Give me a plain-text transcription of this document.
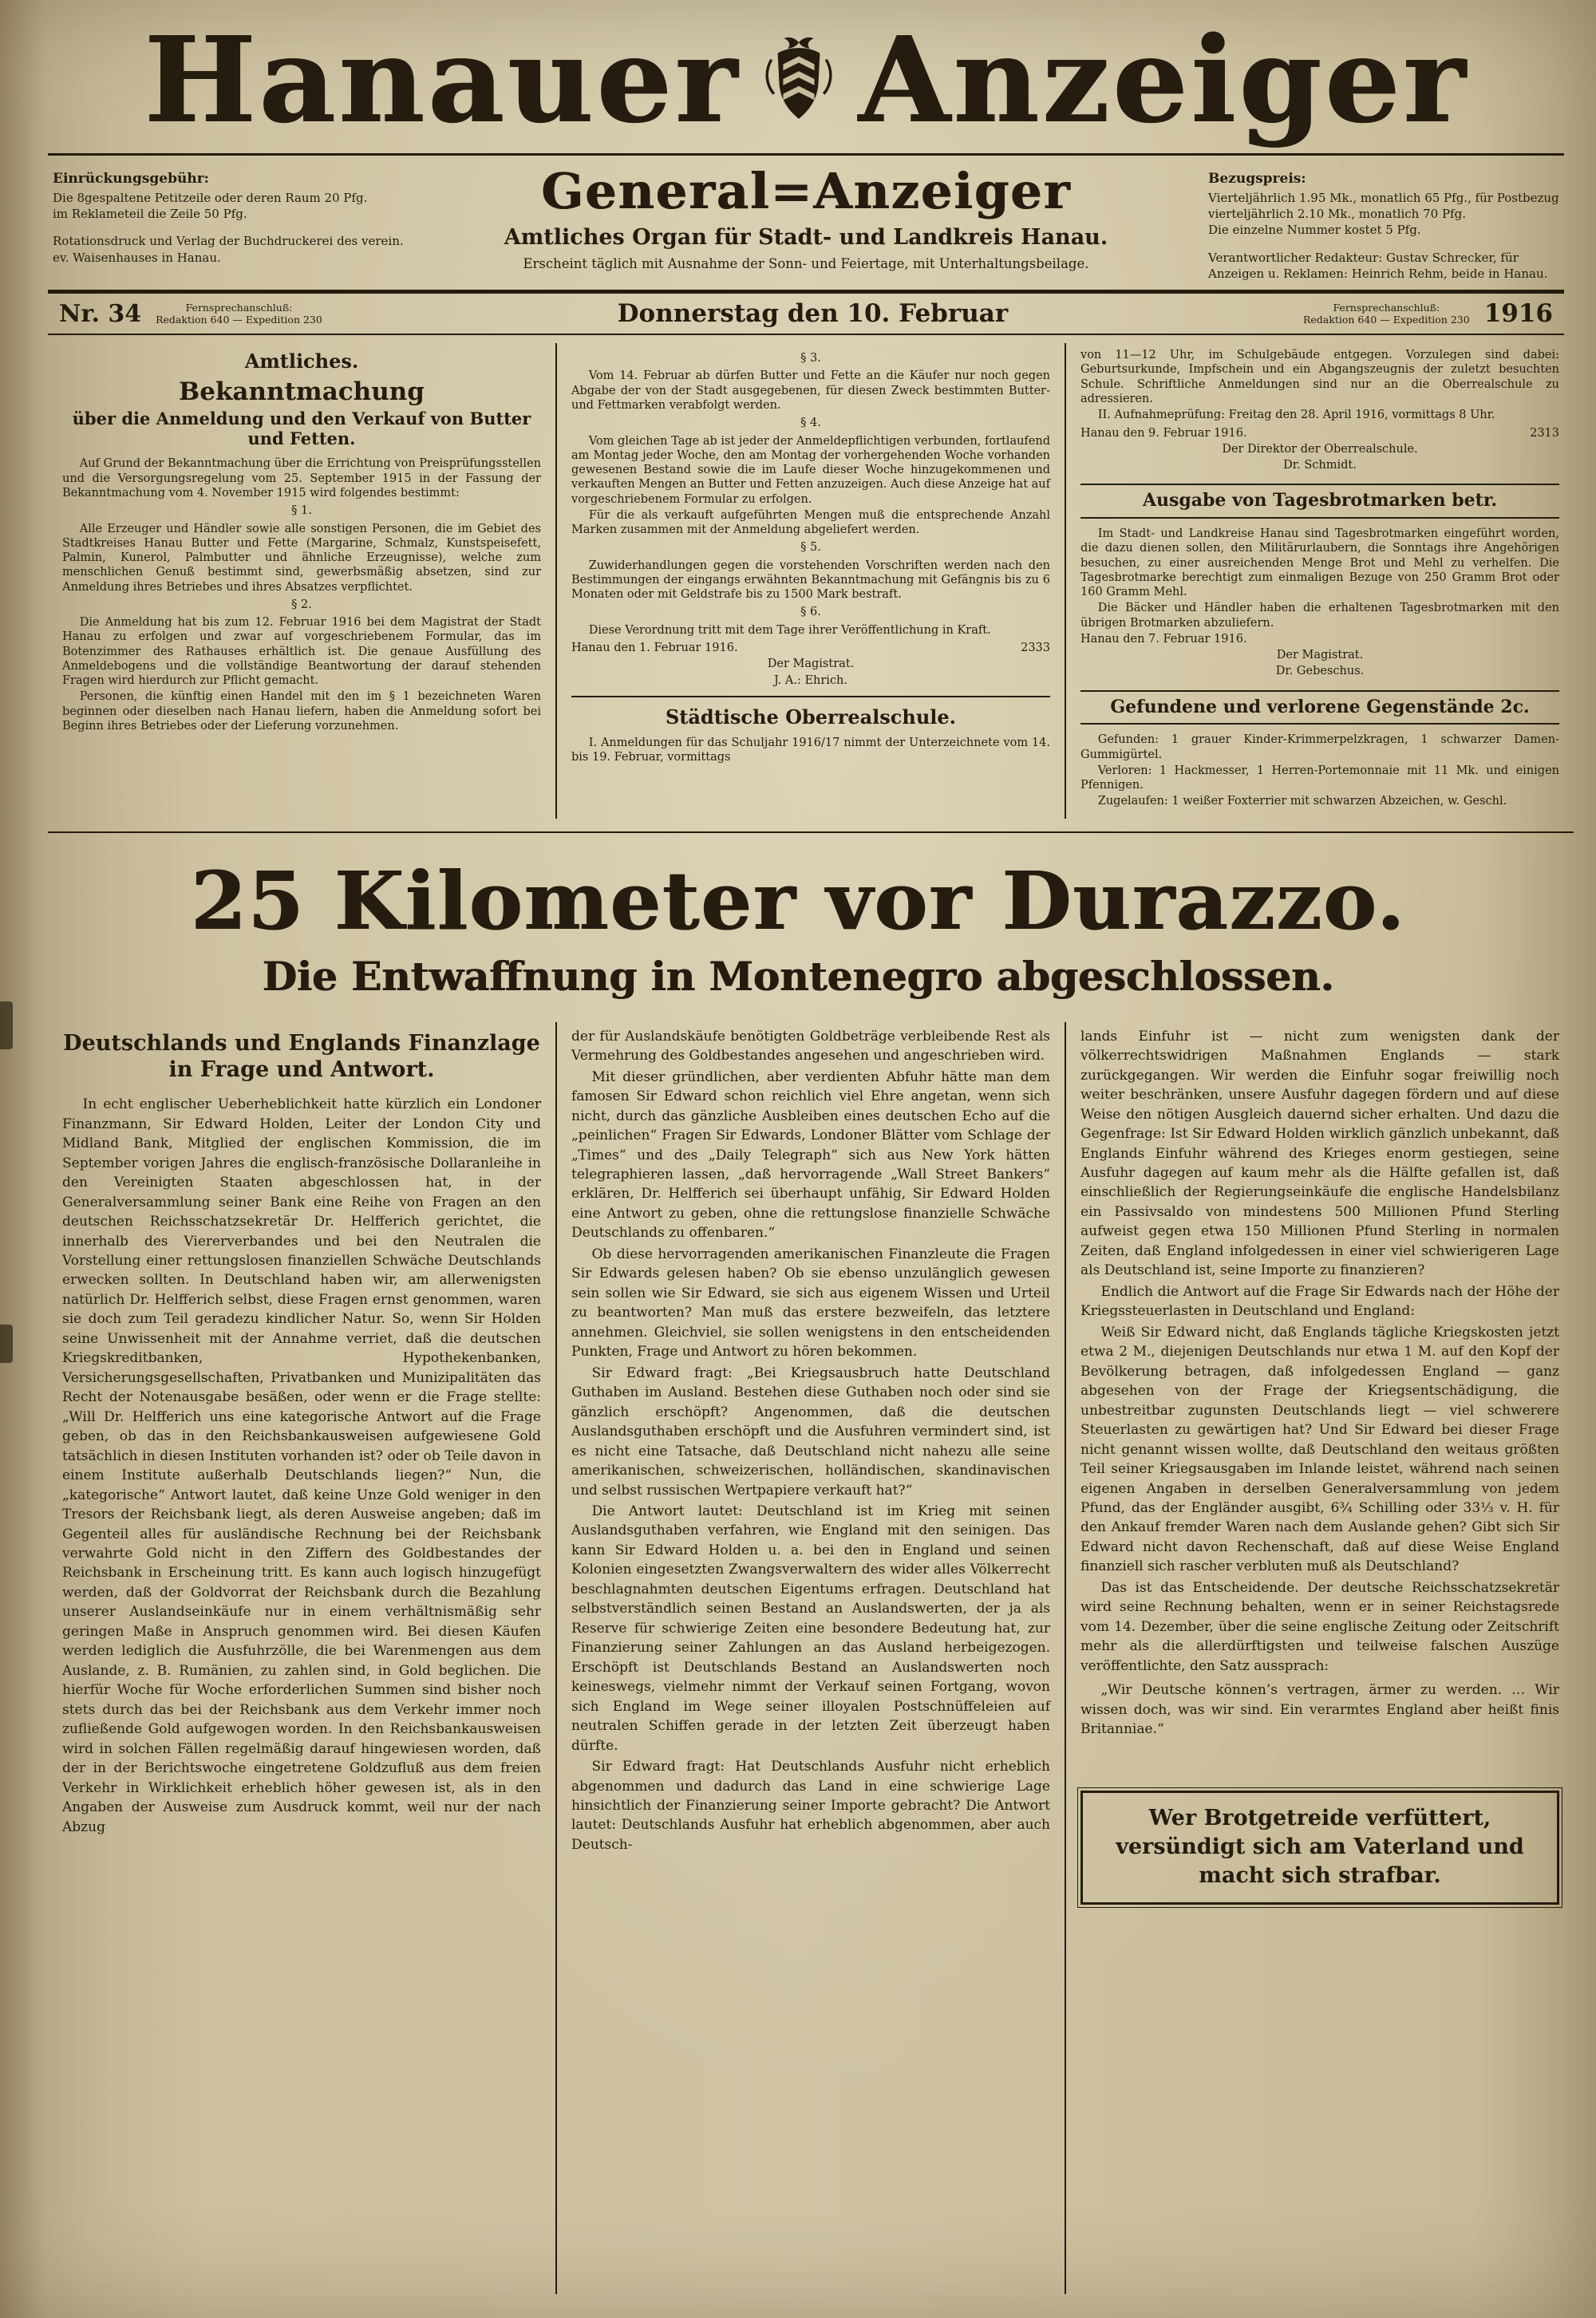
Hanauer Anzeiger
Einrückungsgebühr:
Die 8gespaltene Petitzeile oder deren Raum 20 Pfg.
im Reklameteil die Zeile 50 Pfg.
Rotationsdruck und Verlag der Buchdruckerei des verein. ev. Waisenhauses in Hanau.
General=Anzeiger
Amtliches Organ für Stadt- und Landkreis Hanau.
Erscheint täglich mit Ausnahme der Sonn- und Feiertage, mit Unterhaltungsbeilage.
Bezugspreis:
Vierteljährlich 1.95 Mk., monatlich 65 Pfg., für Postbezug vierteljährlich 2.10 Mk., monatlich 70 Pfg.
Die einzelne Nummer kostet 5 Pfg.
Verantwortlicher Redakteur: Gustav Schrecker, für Anzeigen u. Reklamen: Heinrich Rehm, beide in Hanau.
Nr. 34	Fernsprechanschluß:
Redaktion 640 — Expedition 230	Donnerstag den 10. Februar	Fernsprechanschluß:
Redaktion 640 — Expedition 230 1916
Amtliches.
Bekanntmachung
über die Anmeldung und den Verkauf von Butter und Fetten.
Auf Grund der Bekanntmachung über die Errichtung von Preisprüfungsstellen und die Versorgungsregelung vom 25. September 1915 in der Fassung der Bekanntmachung vom 4. November 1915 wird folgendes bestimmt:
§ 1.
Alle Erzeuger und Händler sowie alle sonstigen Personen, die im Gebiet des Stadtkreises Hanau Butter und Fette (Margarine, Schmalz, Kunstspeisefett, Palmin, Kunerol, Palmbutter und ähnliche Erzeugnisse), welche zum menschlichen Genuß bestimmt sind, gewerbsmäßig absetzen, sind zur Anmeldung ihres Betriebes und ihres Absatzes verpflichtet.
§ 2.
Die Anmeldung hat bis zum 12. Februar 1916 bei dem Magistrat der Stadt Hanau zu erfolgen und zwar auf vorgeschriebenem Formular, das im Botenzimmer des Rathauses erhältlich ist. Die genaue Ausfüllung des Anmeldebogens und die vollständige Beantwortung der darauf stehenden Fragen wird hierdurch zur Pflicht gemacht.
Personen, die künftig einen Handel mit den im § 1 bezeichneten Waren beginnen oder dieselben nach Hanau liefern, haben die Anmeldung sofort bei Beginn ihres Betriebes oder der Lieferung vorzunehmen.
§ 3.
Vom 14. Februar ab dürfen Butter und Fette an die Käufer nur noch gegen Abgabe der von der Stadt ausgegebenen, für diesen Zweck bestimmten Butter- und Fettmarken verabfolgt werden.
§ 4.
Vom gleichen Tage ab ist jeder der Anmeldepflichtigen verbunden, fortlaufend am Montag jeder Woche, den am Montag der vorhergehenden Woche vorhanden gewesenen Bestand sowie die im Laufe dieser Woche hinzugekommenen und verkauften Mengen an Butter und Fetten anzuzeigen. Auch diese Anzeige hat auf vorgeschriebenem Formular zu erfolgen.
Für die als verkauft aufgeführten Mengen muß die entsprechende Anzahl Marken zusammen mit der Anmeldung abgeliefert werden.
§ 5.
Zuwiderhandlungen gegen die vorstehenden Vorschriften werden nach den Bestimmungen der eingangs erwähnten Bekanntmachung mit Gefängnis bis zu 6 Monaten oder mit Geldstrafe bis zu 1500 Mark bestraft.
§ 6.
Diese Verordnung tritt mit dem Tage ihrer Veröffentlichung in Kraft.
Hanau den 1. Februar 1916.	2333
Der Magistrat.
J. A.: Ehrich.
Städtische Oberrealschule.
I. Anmeldungen für das Schuljahr 1916/17 nimmt der Unterzeichnete vom 14. bis 19. Februar, vormittags
von 11—12 Uhr, im Schulgebäude entgegen. Vorzulegen sind dabei: Geburtsurkunde, Impfschein und ein Abgangszeugnis der zuletzt besuchten Schule. Schriftliche Anmeldungen sind nur an die Oberrealschule zu adressieren.
II. Aufnahmeprüfung: Freitag den 28. April 1916, vormittags 8 Uhr.
Hanau den 9. Februar 1916.	2313
Der Direktor der Oberrealschule.
Dr. Schmidt.
Ausgabe von Tagesbrotmarken betr.
Im Stadt- und Landkreise Hanau sind Tagesbrotmarken eingeführt worden, die dazu dienen sollen, den Militärurlaubern, die Sonntags ihre Angehörigen besuchen, zu einer ausreichenden Menge Brot und Mehl zu verhelfen. Die Tagesbrotmarke berechtigt zum einmaligen Bezuge von 250 Gramm Brot oder 160 Gramm Mehl.
Die Bäcker und Händler haben die erhaltenen Tagesbrotmarken mit den übrigen Brotmarken abzuliefern.
Hanau den 7. Februar 1916.
Der Magistrat.
Dr. Gebeschus.
Gefundene und verlorene Gegenstände 2c.
Gefunden: 1 grauer Kinder-Krimmerpelzkragen, 1 schwarzer Damen-Gummigürtel.
Verloren: 1 Hackmesser, 1 Herren-Portemonnaie mit 11 Mk. und einigen Pfennigen.
Zugelaufen: 1 weißer Foxterrier mit schwarzen Abzeichen, w. Geschl.
25 Kilometer vor Durazzo.
Die Entwaffnung in Montenegro abgeschlossen.
Deutschlands und Englands Finanzlage in Frage und Antwort.
In echt englischer Ueberheblichkeit hatte kürzlich ein Londoner Finanzmann, Sir Edward Holden, Leiter der London City und Midland Bank, Mitglied der englischen Kommission, die im September vorigen Jahres die englisch-französische Dollaranleihe in den Vereinigten Staaten abgeschlossen hat, in der Generalversammlung seiner Bank eine Reihe von Fragen an den deutschen Reichsschatzsekretär Dr. Helfferich gerichtet, die innerhalb des Viererverbandes und bei den Neutralen die Vorstellung einer rettungslosen finanziellen Schwäche Deutschlands erwecken sollten. In Deutschland haben wir, am allerwenigsten natürlich Dr. Helfferich selbst, diese Fragen ernst genommen, waren sie doch zum Teil geradezu kindlicher Natur. So, wenn Sir Holden seine Unwissenheit mit der Annahme verriet, daß die deutschen Kriegskreditbanken, Hypothekenbanken, Versicherungsgesellschaften, Privatbanken und Munizipalitäten das Recht der Notenausgabe besäßen, oder wenn er die Frage stellte: „Will Dr. Helfferich uns eine kategorische Antwort auf die Frage geben, ob das in den Reichsbankausweisen aufgewiesene Gold tatsächlich in diesen Instituten vorhanden ist? oder ob Teile davon in einem Institute außerhalb Deutschlands liegen?“ Nun, die „kategorische“ Antwort lautet, daß keine Unze Gold weniger in den Tresors der Reichsbank liegt, als deren Ausweise angeben; daß im Gegenteil alles für ausländische Rechnung bei der Reichsbank verwahrte Gold nicht in den Ziffern des Goldbestandes der Reichsbank in Erscheinung tritt. Es kann auch logisch hinzugefügt werden, daß der Goldvorrat der Reichsbank durch die Bezahlung unserer Auslandseinkäufe nur in einem verhältnismäßig sehr geringen Maße in Anspruch genommen wird. Bei diesen Käufen werden lediglich die Ausfuhrzölle, die bei Warenmengen aus dem Auslande, z. B. Rumänien, zu zahlen sind, in Gold beglichen. Die hierfür Woche für Woche erforderlichen Summen sind bisher noch stets durch das bei der Reichsbank aus dem Verkehr immer noch zufließende Gold aufgewogen worden. In den Reichsbankausweisen wird in solchen Fällen regelmäßig darauf hingewiesen worden, daß der in der Berichtswoche eingetretene Goldzufluß aus dem freien Verkehr in Wirklichkeit erheblich höher gewesen ist, als in den Angaben der Ausweise zum Ausdruck kommt, weil nur der nach Abzug
der für Auslandskäufe benötigten Goldbeträge verbleibende Rest als Vermehrung des Goldbestandes angesehen und angeschrieben wird.
Mit dieser gründlichen, aber verdienten Abfuhr hätte man dem famosen Sir Edward schon reichlich viel Ehre angetan, wenn sich nicht, durch das gänzliche Ausbleiben eines deutschen Echo auf die „peinlichen“ Fragen Sir Edwards, Londoner Blätter vom Schlage der „Times“ und des „Daily Telegraph“ sich aus New York hätten telegraphieren lassen, „daß hervorragende „Wall Street Bankers“ erklären, Dr. Helfferich sei überhaupt unfähig, Sir Edward Holden eine Antwort zu geben, ohne die rettungslose finanzielle Schwäche Deutschlands zu offenbaren.“
Ob diese hervorragenden amerikanischen Finanzleute die Fragen Sir Edwards gelesen haben? Ob sie ebenso unzulänglich gewesen sein sollen wie Sir Edward, sie sich aus eigenem Wissen und Urteil zu beantworten? Man muß das erstere bezweifeln, das letztere annehmen. Gleichviel, sie sollen wenigstens in den entscheidenden Punkten, Frage und Antwort zu hören bekommen.
Sir Edward fragt: „Bei Kriegsausbruch hatte Deutschland Guthaben im Ausland. Bestehen diese Guthaben noch oder sind sie gänzlich erschöpft? Angenommen, daß die deutschen Auslandsguthaben erschöpft und die Ausfuhren vermindert sind, ist es nicht eine Tatsache, daß Deutschland nicht nahezu alle seine amerikanischen, schweizerischen, holländischen, skandinavischen und selbst russischen Wertpapiere verkauft hat?“
Die Antwort lautet: Deutschland ist im Krieg mit seinen Auslandsguthaben verfahren, wie England mit den seinigen. Das kann Sir Edward Holden u. a. bei den in England und seinen Kolonien eingesetzten Zwangsverwaltern des wider alles Völkerrecht beschlagnahmten deutschen Eigentums erfragen. Deutschland hat selbstverständlich seinen Bestand an Auslandswerten, der ja als Reserve für schwierige Zeiten eine besondere Bedeutung hat, zur Finanzierung seiner Zahlungen an das Ausland herbeigezogen. Erschöpft ist Deutschlands Bestand an Auslandswerten noch keineswegs, vielmehr nimmt der Verkauf seinen Fortgang, wovon sich England im Wege seiner illoyalen Postschnüffeleien auf neutralen Schiffen gerade in der letzten Zeit überzeugt haben dürfte.
Sir Edward fragt: Hat Deutschlands Ausfuhr nicht erheblich abgenommen und dadurch das Land in eine schwierige Lage hinsichtlich der Finanzierung seiner Importe gebracht? Die Antwort lautet: Deutschlands Ausfuhr hat erheblich abgenommen, aber auch Deutsch-
lands Einfuhr ist — nicht zum wenigsten dank der völkerrechtswidrigen Maßnahmen Englands — stark zurückgegangen. Wir werden die Einfuhr sogar freiwillig noch weiter beschränken, unsere Ausfuhr dagegen fördern und auf diese Weise den nötigen Ausgleich dauernd sicher erhalten. Und dazu die Gegenfrage: Ist Sir Edward Holden wirklich gänzlich unbekannt, daß Englands Einfuhr während des Krieges enorm gestiegen, seine Ausfuhr dagegen auf kaum mehr als die Hälfte gefallen ist, daß einschließlich der Regierungseinkäufe die englische Handelsbilanz ein Passivsaldo von mindestens 500 Millionen Pfund Sterling aufweist gegen etwa 150 Millionen Pfund Sterling in normalen Zeiten, daß England infolgedessen in einer viel schwierigeren Lage als Deutschland ist, seine Importe zu finanzieren?
Endlich die Antwort auf die Frage Sir Edwards nach der Höhe der Kriegssteuerlasten in Deutschland und England:
Weiß Sir Edward nicht, daß Englands tägliche Kriegskosten jetzt etwa 2 M., diejenigen Deutschlands nur etwa 1 M. auf den Kopf der Bevölkerung betragen, daß infolgedessen England — ganz abgesehen von der Frage der Kriegsentschädigung, die unbestreitbar zugunsten Deutschlands liegt — viel schwerere Steuerlasten zu gewärtigen hat? Und Sir Edward bei dieser Frage nicht genannt wissen wollte, daß Deutschland den weitaus größten Teil seiner Kriegsausgaben im Inlande leistet, während nach seinen eigenen Angaben in derselben Generalversammlung von jedem Pfund, das der Engländer ausgibt, 6¾ Schilling oder 33⅓ v. H. für den Ankauf fremder Waren nach dem Auslande gehen? Gibt sich Sir Edward nicht davon Rechenschaft, daß auf diese Weise England finanziell sich rascher verbluten muß als Deutschland?
Das ist das Entscheidende. Der deutsche Reichsschatzsekretär wird seine Rechnung behalten, wenn er in seiner Reichstagsrede vom 14. Dezember, über die seine englische Zeitung oder Zeitschrift mehr als die allerdürftigsten und teilweise falschen Auszüge veröffentlichte, den Satz aussprach:
„Wir Deutsche können’s vertragen, ärmer zu werden. … Wir wissen doch, was wir sind. Ein verarmtes England aber heißt finis Britanniae.“
Wer Brotgetreide verfüttert, versündigt sich am Vaterland und macht sich strafbar.
